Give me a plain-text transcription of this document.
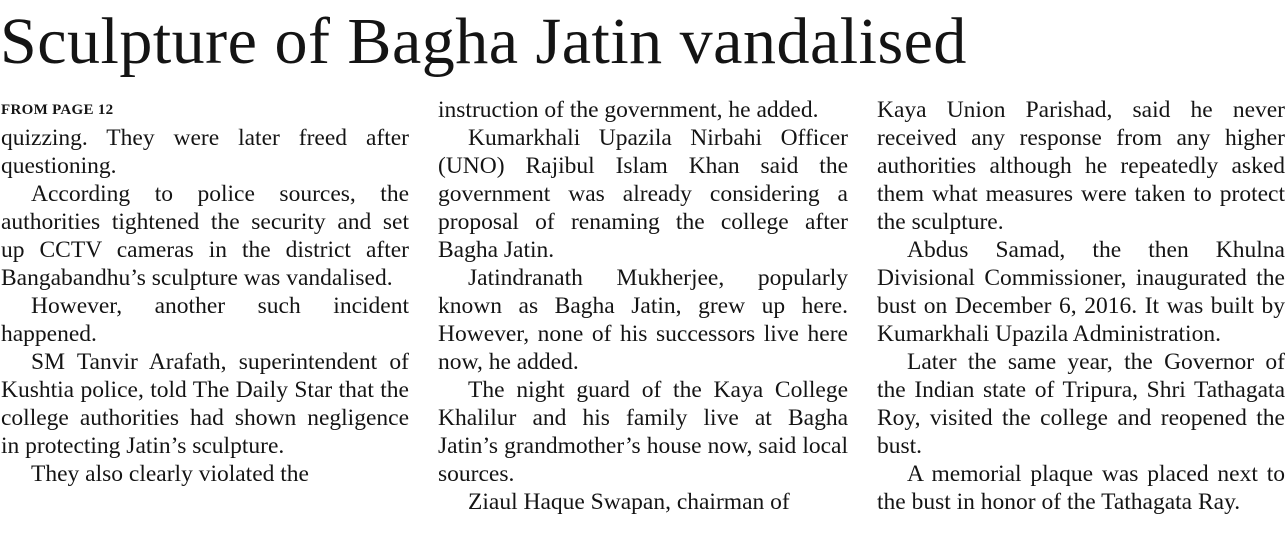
Sculpture of Bagha Jatin vandalised
FROM PAGE 12

quizzing. They were later freed after questioning.

According to police sources, the authorities tightened the security and set up CCTV cameras in the district after Bangabandhu’s sculpture was vandalised.

However, another such incident happened.

SM Tanvir Arafath, superintendent of Kushtia police, told The Daily Star that the college authorities had shown negligence in protecting Jatin’s sculpture.

They also clearly violated the

instruction of the government, he added.

Kumarkhali Upazila Nirbahi Officer (UNO) Rajibul Islam Khan said the government was already considering a proposal of renaming the college after Bagha Jatin.

Jatindranath Mukherjee, popularly known as Bagha Jatin, grew up here. However, none of his successors live here now, he added.

The night guard of the Kaya College Khalilur and his family live at Bagha Jatin’s grandmother’s house now, said local sources.

Ziaul Haque Swapan, chairman of

Kaya Union Parishad, said he never received any response from any higher authorities although he repeatedly asked them what measures were taken to protect the sculpture.

Abdus Samad, the then Khulna Divisional Commissioner, inaugurated the bust on December 6, 2016. It was built by Kumarkhali Upazila Administration.

Later the same year, the Governor of the Indian state of Tripura, Shri Tathagata Roy, visited the college and reopened the bust.

A memorial plaque was placed next to the bust in honor of the Tathagata Ray.
